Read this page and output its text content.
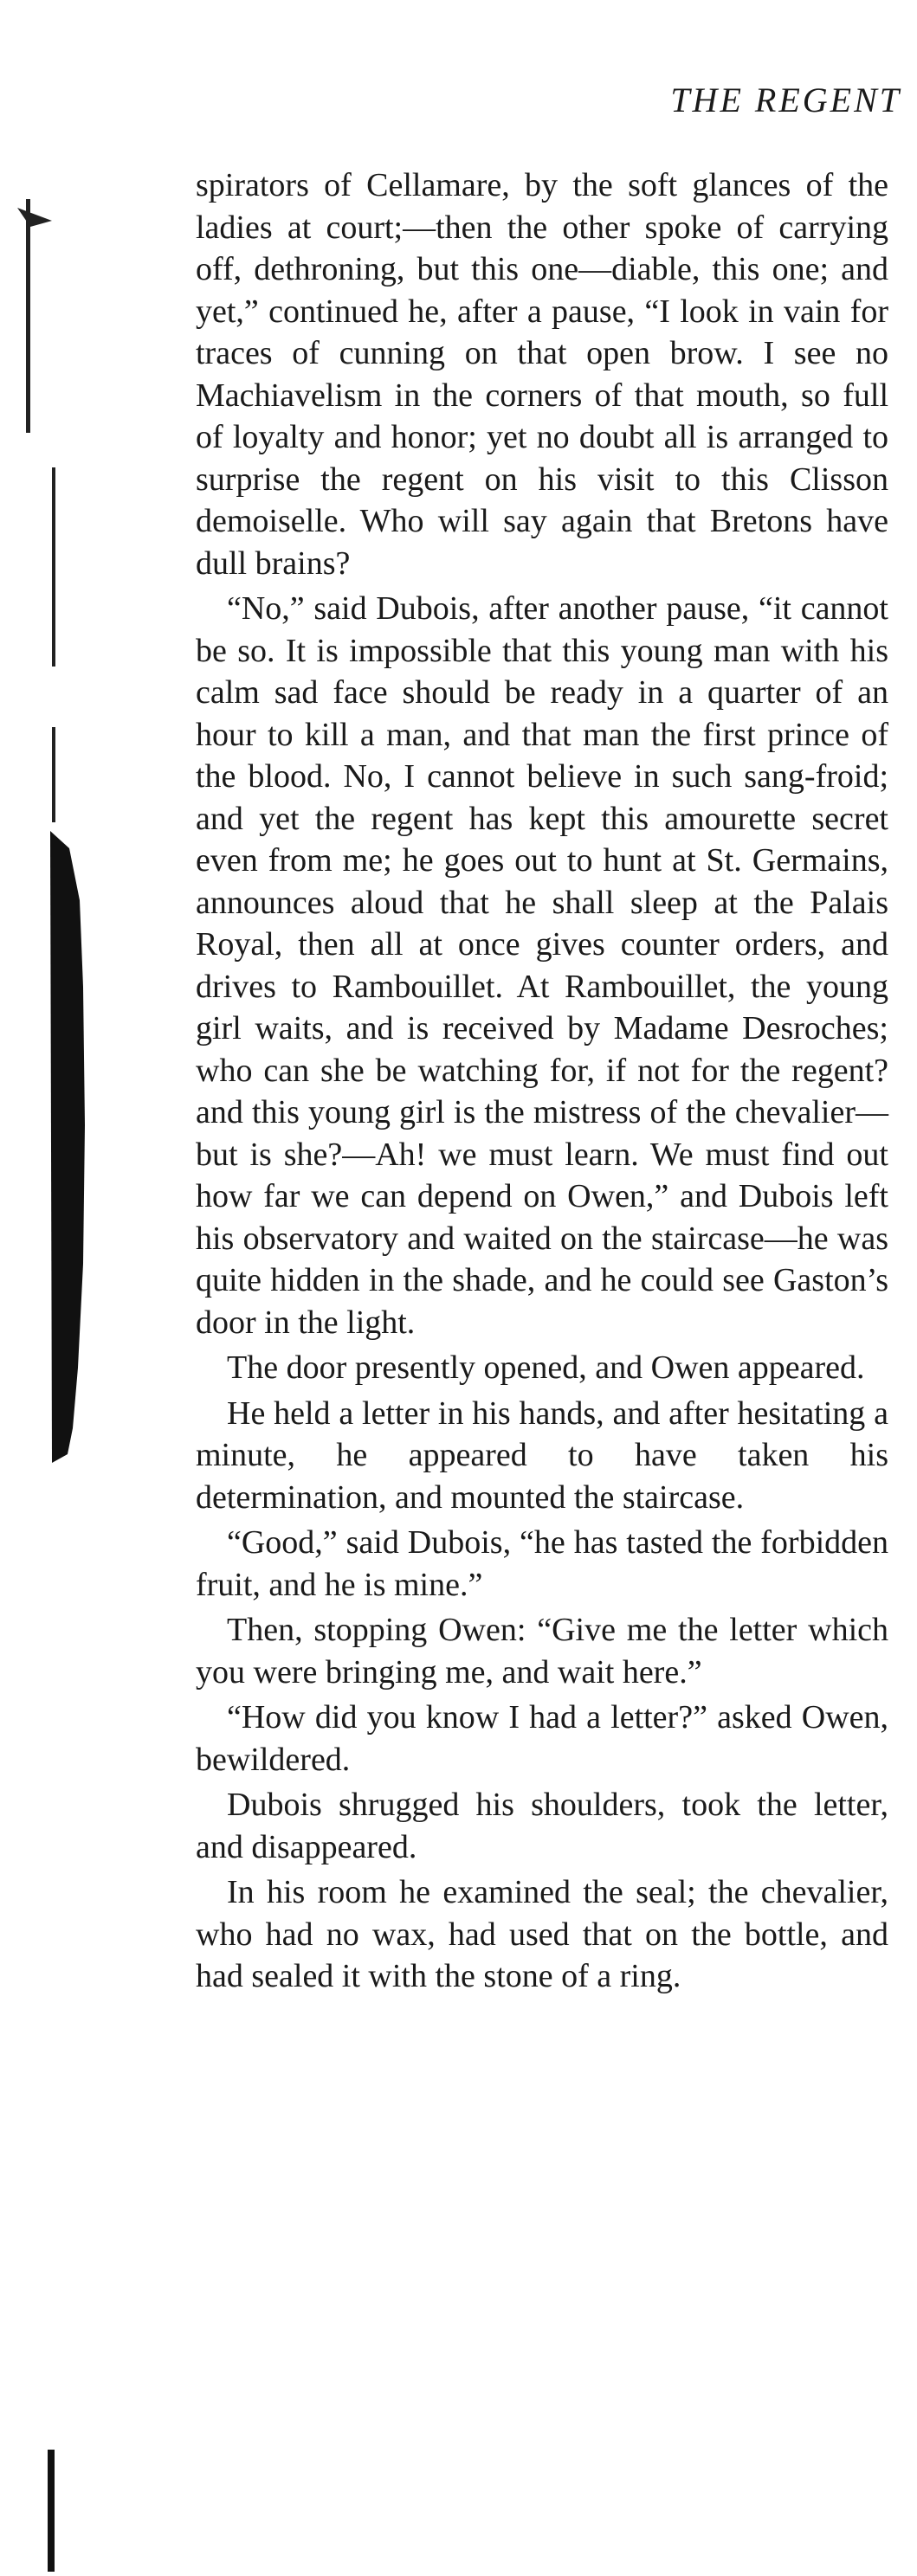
THE REGENT

spirators of Cellamare, by the soft glances of the ladies at court;—then the other spoke of carrying off, dethroning, but this one—diable, this one; and yet,” continued he, after a pause, “I look in vain for traces of cunning on that open brow. I see no Machiavelism in the corners of that mouth, so full of loyalty and honor; yet no doubt all is arranged to surprise the regent on his visit to this Clisson demoiselle. Who will say again that Bretons have dull brains?

“No,” said Dubois, after another pause, “it cannot be so. It is impossible that this young man with his calm sad face should be ready in a quarter of an hour to kill a man, and that man the first prince of the blood. No, I cannot believe in such sang-froid; and yet the regent has kept this amourette secret even from me; he goes out to hunt at St. Germains, announces aloud that he shall sleep at the Palais Royal, then all at once gives counter orders, and drives to Rambouillet. At Rambouillet, the young girl waits, and is received by Madame Desroches; who can she be watching for, if not for the regent? and this young girl is the mistress of the chevalier—but is she?—Ah! we must learn. We must find out how far we can depend on Owen,” and Dubois left his observatory and waited on the staircase—he was quite hidden in the shade, and he could see Gaston’s door in the light.

The door presently opened, and Owen appeared.

He held a letter in his hands, and after hesitating a minute, he appeared to have taken his determination, and mounted the staircase.

“Good,” said Dubois, “he has tasted the forbidden fruit, and he is mine.”

Then, stopping Owen: “Give me the letter which you were bringing me, and wait here.”

“How did you know I had a letter?” asked Owen, bewildered.

Dubois shrugged his shoulders, took the letter, and disappeared.

In his room he examined the seal; the chevalier, who had no wax, had used that on the bottle, and had sealed it with the stone of a ring.
